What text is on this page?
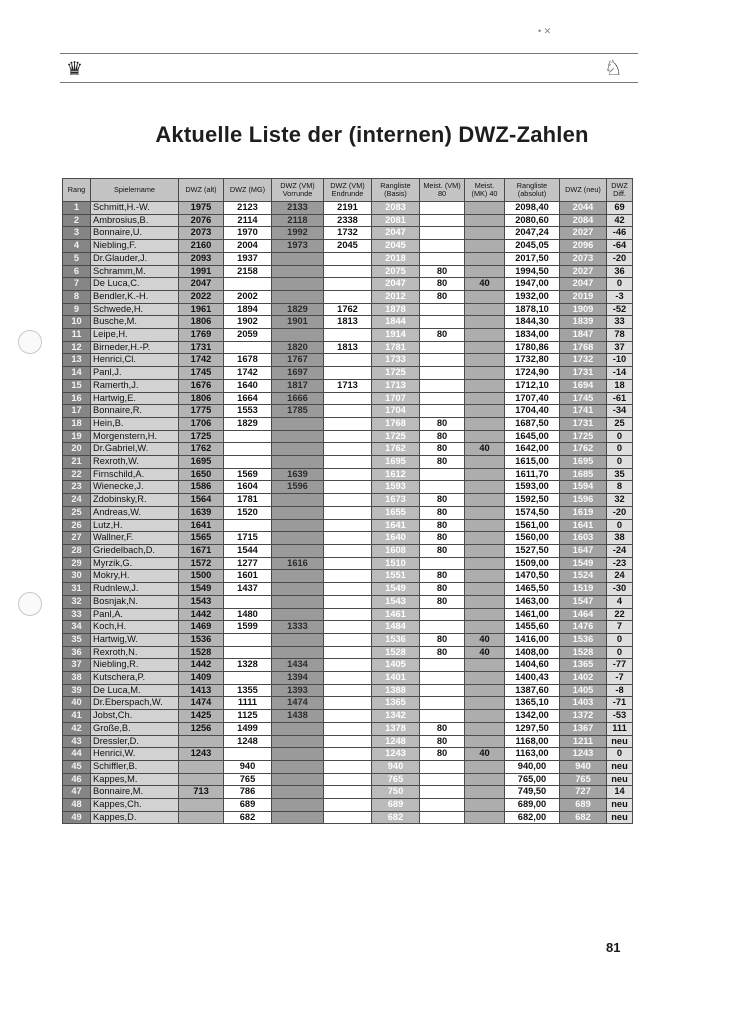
• ✕
♛	♘
Aktuelle Liste der (internen) DWZ-Zahlen
Rang	Spielername	DWZ (alt)	DWZ (MG)	DWZ (VM) Vorrunde	DWZ (VM) Endrunde	Rangliste (Basis)	Meist. (VM) 80	Meist. (MK) 40	Rangliste (absolut)	DWZ (neu)	DWZ Diff.
1	Schmitt,H.-W.	1975	2123	2133	2191	2083			2098,40	2044	69
2	Ambrosius,B.	2076	2114	2118	2338	2081			2080,60	2084	42
3	Bonnaire,U.	2073	1970	1992	1732	2047			2047,24	2027	-46
4	Niebling,F.	2160	2004	1973	2045	2045			2045,05	2096	-64
5	Dr.Glauder,J.	2093	1937			2018			2017,50	2073	-20
6	Schramm,M.	1991	2158			2075	80		1994,50	2027	36
7	De Luca,C.	2047				2047	80	40	1947,00	2047	0
8	Bendler,K.-H.	2022	2002			2012	80		1932,00	2019	-3
9	Schwede,H.	1961	1894	1829	1762	1878			1878,10	1909	-52
10	Busche,M.	1806	1902	1901	1813	1844			1844,30	1839	33
11	Leipe,H.	1769	2059			1914	80		1834,00	1847	78
12	Birneder,H.-P.	1731		1820	1813	1781			1780,86	1768	37
13	Henrici,Cl.	1742	1678	1767		1733			1732,80	1732	-10
14	Panl,J.	1745	1742	1697		1725			1724,90	1731	-14
15	Ramerth,J.	1676	1640	1817	1713	1713			1712,10	1694	18
16	Hartwig,E.	1806	1664	1666		1707			1707,40	1745	-61
17	Bonnaire,R.	1775	1553	1785		1704			1704,40	1741	-34
18	Hein,B.	1706	1829			1768	80		1687,50	1731	25
19	Morgenstern,H.	1725				1725	80		1645,00	1725	0
20	Dr.Gabriel,W.	1762				1762	80	40	1642,00	1762	0
21	Rexroth,W.	1695				1695	80		1615,00	1695	0
22	Firnschild,A.	1650	1569	1639		1612			1611,70	1685	35
23	Wienecke,J.	1586	1604	1596		1593			1593,00	1594	8
24	Zdobinsky,R.	1564	1781			1673	80		1592,50	1596	32
25	Andreas,W.	1639	1520			1655	80		1574,50	1619	-20
26	Lutz,H.	1641				1641	80		1561,00	1641	0
27	Wallner,F.	1565	1715			1640	80		1560,00	1603	38
28	Griedelbach,D.	1671	1544			1608	80		1527,50	1647	-24
29	Myrzik,G.	1572	1277	1616		1510			1509,00	1549	-23
30	Mokry,H.	1500	1601			1551	80		1470,50	1524	24
31	Rudnlew,J.	1549	1437			1549	80		1465,50	1519	-30
32	Bosnjak,N.	1543				1543	80		1463,00	1547	4
33	Panl,A.	1442	1480			1461			1461,00	1464	22
34	Koch,H.	1469	1599	1333		1484			1455,60	1476	7
35	Hartwig,W.	1536				1536	80	40	1416,00	1536	0
36	Rexroth,N.	1528				1528	80	40	1408,00	1528	0
37	Niebling,R.	1442	1328	1434		1405			1404,60	1365	-77
38	Kutschera,P.	1409		1394		1401			1400,43	1402	-7
39	De Luca,M.	1413	1355	1393		1388			1387,60	1405	-8
40	Dr.Eberspach,W.	1474	1111	1474		1365			1365,10	1403	-71
41	Jobst,Ch.	1425	1125	1438		1342			1342,00	1372	-53
42	Große,B.	1256	1499			1378	80		1297,50	1367	111
43	Dressler,D.		1248			1248	80		1168,00	1211	neu
44	Henrici,W.	1243				1243	80	40	1163,00	1243	0
45	Schiffler,B.		940			940			940,00	940	neu
46	Kappes,M.		765			765			765,00	765	neu
47	Bonnaire,M.	713	786			750			749,50	727	14
48	Kappes,Ch.		689			689			689,00	689	neu
49	Kappes,D.		682			682			682,00	682	neu
81
